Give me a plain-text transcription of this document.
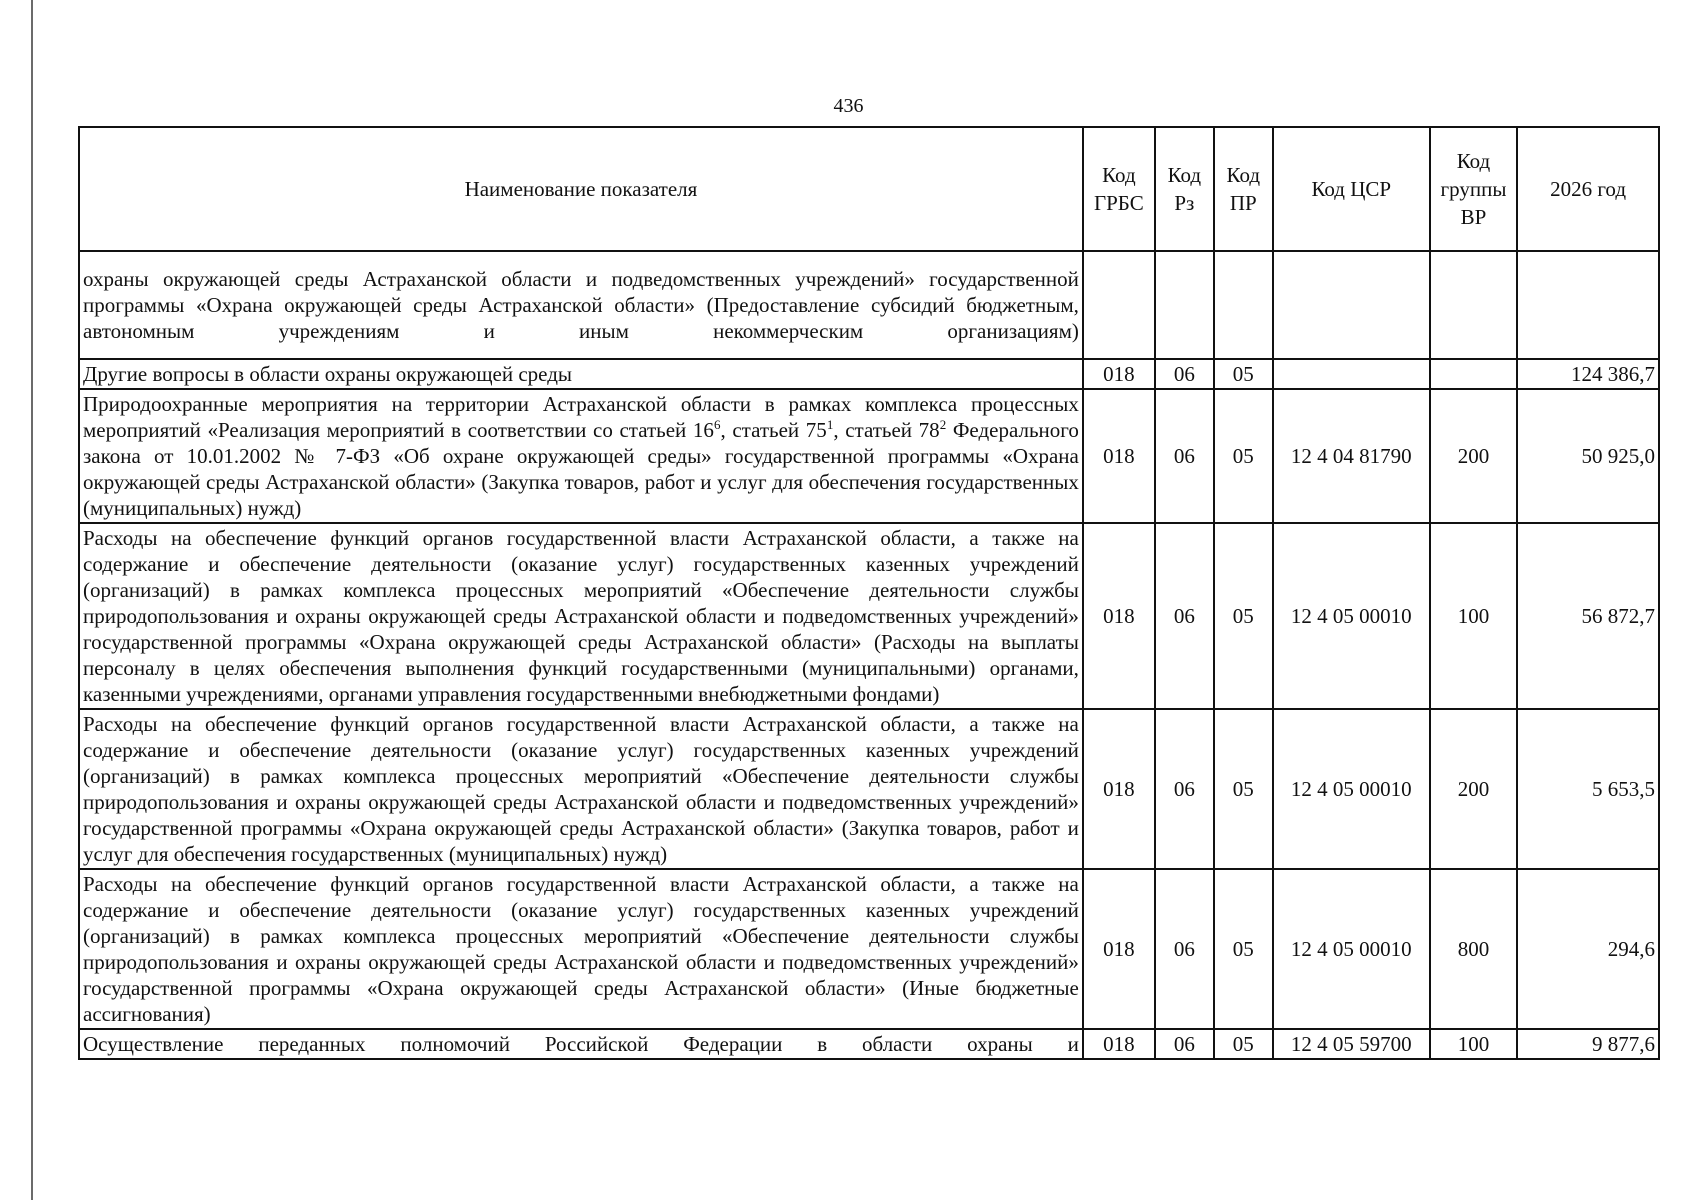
436
Наименование показателя	Код ГРБС	Код Рз	Код ПР	Код ЦСР	Код группы ВР	2026 год
охраны окружающей среды Астраханской области и подведомственных учреждений» государственной программы «Охрана окружающей среды Астраханской области» (Предоставление субсидий бюджетным, автономным учреждениям и иным некоммерческим организациям)						
Другие вопросы в области охраны окружающей среды	018	06	05			124 386,7
Природоохранные мероприятия на территории Астраханской области в рамках комплекса процессных мероприятий «Реализация мероприятий в соответствии со статьей $16^6$, статьей $75^1$, статьей $78^2$ Федерального закона от 10.01.2002 № 7-ФЗ «Об охране окружающей среды» государственной программы «Охрана окружающей среды Астраханской области» (Закупка товаров, работ и услуг для обеспечения государственных (муниципальных) нужд)	018	06	05	12 4 04 81790	200	50 925,0
Расходы на обеспечение функций органов государственной власти Астраханской области, а также на содержание и обеспечение деятельности (оказание услуг) государственных казенных учреждений (организаций) в рамках комплекса процессных мероприятий «Обеспечение деятельности службы природопользования и охраны окружающей среды Астраханской области и подведомственных учреждений» государственной программы «Охрана окружающей среды Астраханской области» (Расходы на выплаты персоналу в целях обеспечения выполнения функций государственными (муниципальными) органами, казенными учреждениями, органами управления государственными внебюджетными фондами)	018	06	05	12 4 05 00010	100	56 872,7
Расходы на обеспечение функций органов государственной власти Астраханской области, а также на содержание и обеспечение деятельности (оказание услуг) государственных казенных учреждений (организаций) в рамках комплекса процессных мероприятий «Обеспечение деятельности службы природопользования и охраны окружающей среды Астраханской области и подведомственных учреждений» государственной программы «Охрана окружающей среды Астраханской области» (Закупка товаров, работ и услуг для обеспечения государственных (муниципальных) нужд)	018	06	05	12 4 05 00010	200	5 653,5
Расходы на обеспечение функций органов государственной власти Астраханской области, а также на содержание и обеспечение деятельности (оказание услуг) государственных казенных учреждений (организаций) в рамках комплекса процессных мероприятий «Обеспечение деятельности службы природопользования и охраны окружающей среды Астраханской области и подведомственных учреждений» государственной программы «Охрана окружающей среды Астраханской области» (Иные бюджетные ассигнования)	018	06	05	12 4 05 00010	800	294,6
Осуществление переданных полномочий Российской Федерации в области охраны и	018	06	05	12 4 05 59700	100	9 877,6
